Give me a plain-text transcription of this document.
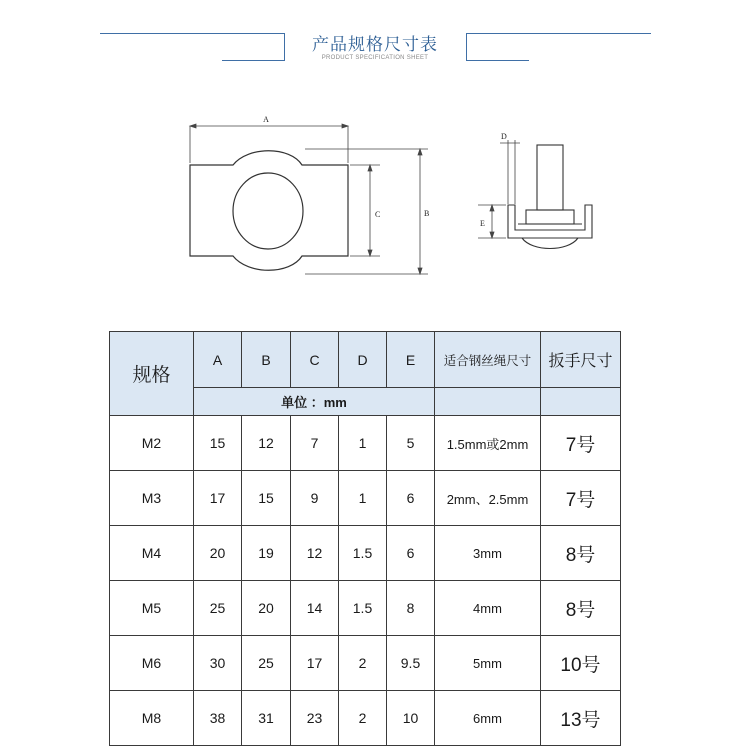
产品规格尺寸表
PRODUCT SPECIFICATION SHEET
A
C	B
D
E
规格	A	B	C	D	E	适合钢丝绳尺寸	扳手尺寸
	单位 ：mm						
M2	15	12	7	1	5	1.5mm或2mm	7号
M3	17	15	9	1	6	2mm、2.5mm	7号
M4	20	19	12	1.5	6	3mm	8号
M5	25	20	14	1.5	8	4mm	8号
M6	30	25	17	2	9.5	5mm	10号
M8	38	31	23	2	10	6mm	13号
